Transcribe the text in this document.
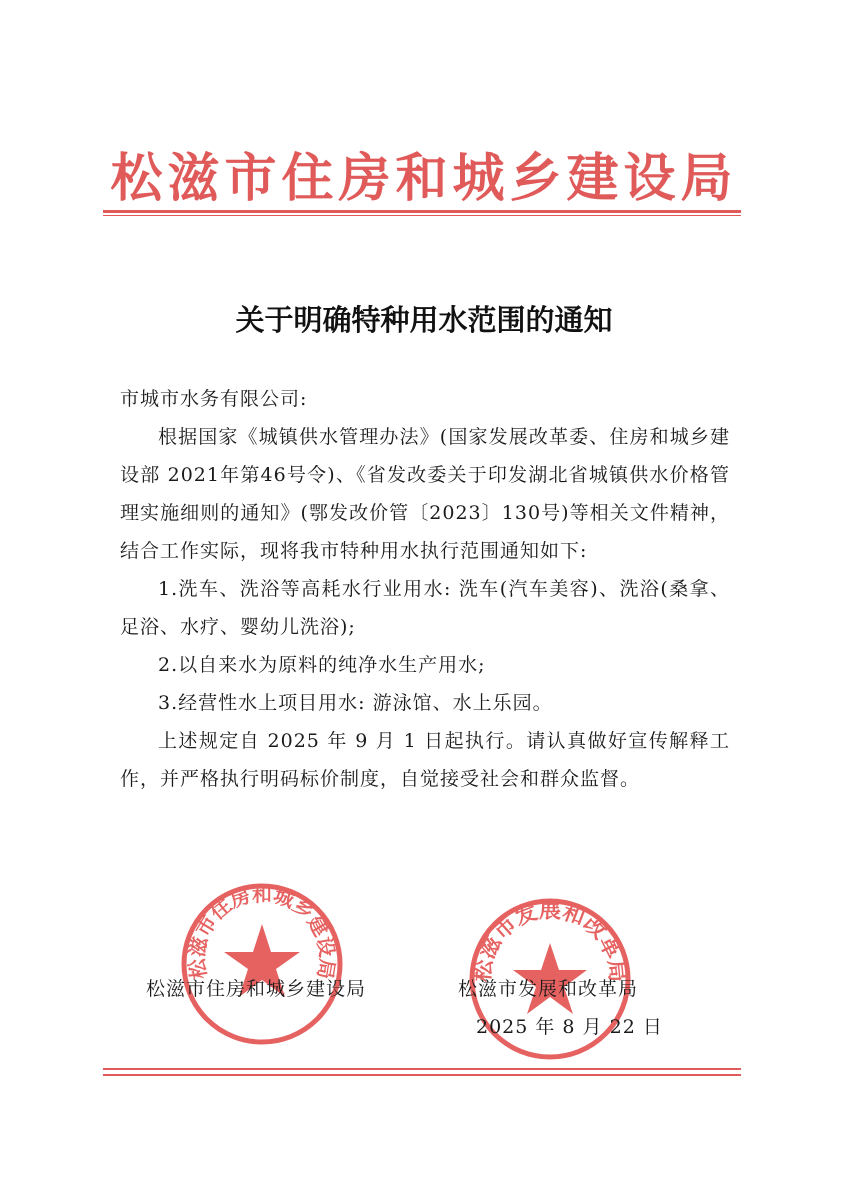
松滋市住房和城乡建设局
关于明确特种用水范围的通知

市城市水务有限公司:

根据国家《城镇供水管理办法》(国家发展改革委、住房和城乡建设部 2021年第46号令)、《省发改委关于印发湖北省城镇供水价格管理实施细则的通知》(鄂发改价管〔2023〕130号)等相关文件精神，结合工作实际，现将我市特种用水执行范围通知如下:

1.洗车、洗浴等高耗水行业用水: 洗车(汽车美容)、洗浴(桑拿、足浴、水疗、婴幼儿洗浴);

2.以自来水为原料的纯净水生产用水;

3.经营性水上项目用水: 游泳馆、水上乐园。

上述规定自 2025 年 9 月 1 日起执行。请认真做好宣传解释工作，并严格执行明码标价制度，自觉接受社会和群众监督。

松滋市住房和城乡建设局	松滋市发展和改革局
松滋市住房和城乡建设局	松滋市发展和改革局
2025 年 8 月 22 日
